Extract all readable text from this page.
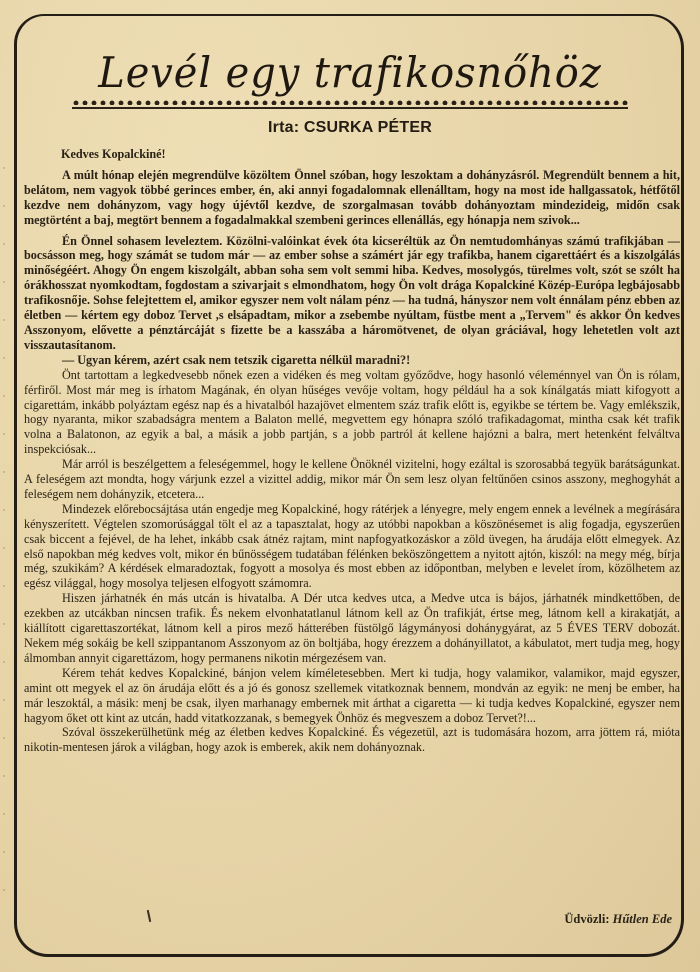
·
·
·
·
·
·
·
·
·
·
·
·
·
·
·
·
·
·
·
·
Levél egy trafikosnőhöz
Irta: CSURKA PÉTER

Kedves Kopalckiné!

A múlt hónap elején megrendülve közöltem Önnel szóban, hogy leszoktam a dohányzásról. Megrendült bennem a hit, belátom, nem vagyok többé gerinces ember, én, aki annyi fogadalomnak ellenálltam, hogy na most ide hallgassatok, hétfőtől kezdve nem dohányzom, vagy hogy újévtől kezdve, de szorgalmasan tovább dohányoztam mindezideig, midőn csak megtörtént a baj, megtört bennem a fogadalmakkal szembeni gerinces ellenállás, egy hónapja nem szivok...

Én Önnel sohasem leveleztem. Közölni-valóinkat évek óta kicseréltük az Ön nemtudomhányas számú trafikjában — bocsásson meg, hogy számát se tudom már — az ember sohse a számért jár egy trafikba, hanem cigarettáért és a kiszolgálás minőségéért. Ahogy Ön engem kiszolgált, abban soha sem volt semmi hiba. Kedves, mosolygós, türelmes volt, szót se szólt ha órákhosszat nyomkodtam, fogdostam a szivarjait s elmondhatom, hogy Ön volt drága Kopalckiné Közép-Európa legbájosabb trafikosnője. Sohse felejtettem el, amikor egyszer nem volt nálam pénz — ha tudná, hányszor nem volt énnálam pénz ebben az életben — kértem egy doboz Tervet ,s elsápadtam, mikor a zsebembe nyúltam, füstbe ment a „Tervem" és akkor Ön kedves Asszonyom, elővette a pénztárcáját s fizette be a kasszába a háromötvenet, de olyan gráciával, hogy lehetetlen volt azt visszautasítanom.

— Ugyan kérem, azért csak nem tetszik cigaretta nélkül maradni?!

Önt tartottam a legkedvesebb nőnek ezen a vidéken és meg voltam győződve, hogy hasonló véleménnyel van Ön is rólam, férfiről. Most már meg is írhatom Magának, én olyan hűséges vevője voltam, hogy például ha a sok kínálgatás miatt kifogyott a cigarettám, inkább polyáztam egész nap és a hivatalból hazajövet elmentem száz trafik előtt is, egyikbe se tértem be. Vagy emlékszik, hogy nyaranta, mikor szabadságra mentem a Balaton mellé, megvettem egy hónapra szóló trafikadagomat, mintha csak két trafik volna a Balatonon, az egyik a bal, a másik a jobb partján, s a jobb partról át kellene hajózni a balra, mert hetenként felváltva inspekciósak...

Már arról is beszélgettem a feleségemmel, hogy le kellene Önöknél vizitelni, hogy ezáltal is szorosabbá tegyük barátságunkat. A feleségem azt mondta, hogy várjunk ezzel a vizittel addig, mikor már Ön sem lesz olyan feltűnően csinos asszony, meghogyhát a feleségem nem dohányzik, etcetera...

Mindezek előrebocsájtása után engedje meg Kopalckiné, hogy rátérjek a lényegre, mely engem ennek a levélnek a megírására kényszerített. Végtelen szomorúsággal tölt el az a tapasztalat, hogy az utóbbi napokban a köszönésemet is alig fogadja, egyszerűen csak biccent a fejével, de ha lehet, inkább csak átnéz rajtam, mint napfogyatkozáskor a zöld üvegen, ha árudája előtt elmegyek. Az első napokban még kedves volt, mikor én bűnösségem tudatában félénken beköszöngettem a nyitott ajtón, kiszól: na megy még, bírja még, szukikám? A kérdések elmaradoztak, fogyott a mosolya és most ebben az időpontban, melyben e levelet írom, közölhetem az egész világgal, hogy mosolya teljesen elfogyott számomra.

Hiszen járhatnék én más utcán is hivatalba. A Dér utca kedves utca, a Medve utca is bájos, járhatnék mindkettőben, de ezekben az utcákban nincsen trafik. És nekem elvonhatatlanul látnom kell az Ön trafikját, értse meg, látnom kell a kirakatját, a kiállított cigarettaszortékat, látnom kell a piros mező hátterében füstölgő lágymányosi dohánygyárat, az 5 ÉVES TERV dobozát. Nekem még sokáig be kell szippantanom Asszonyom az ön boltjába, hogy érezzem a dohányillatot, a kábulatot, mert tudja meg, hogy álmomban annyit cigarettázom, hogy permanens nikotin mérgezésem van.

Kérem tehát kedves Kopalckiné, bánjon velem kíméletesebben. Mert ki tudja, hogy valamikor, valamikor, majd egyszer, amint ott megyek el az ön árudája előtt és a jó és gonosz szellemek vitatkoznak bennem, mondván az egyik: ne menj be ember, ha már leszoktál, a másik: menj be csak, ilyen marhanagy embernek mit árthat a cigaretta — ki tudja kedves Kopalckiné, egyszer nem hagyom őket ott kint az utcán, hadd vitatkozzanak, s bemegyek Önhöz és megveszem a doboz Tervet?!...

Szóval összekerülhetünk még az életben kedves Kopalckiné. És végezetül, azt is tudomására hozom, arra jöttem rá, mióta nikotin-mentesen járok a világban, hogy azok is emberek, akik nem dohányoznak.

Üdvözli: Hűtlen Ede
